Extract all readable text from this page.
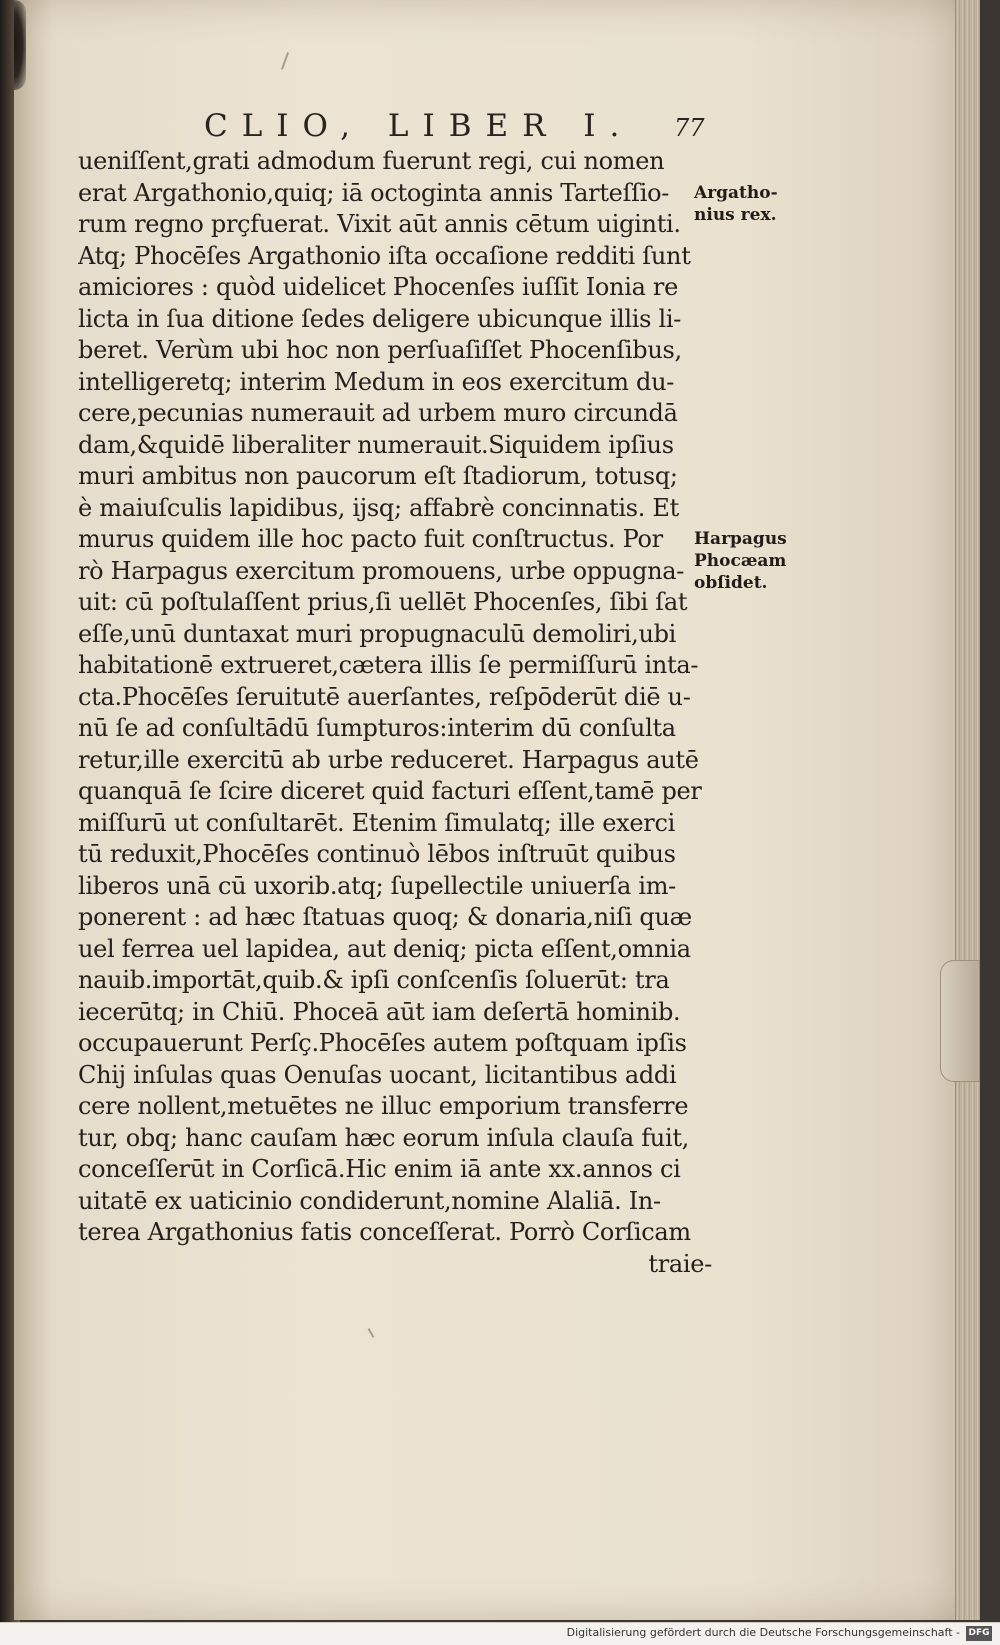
CLIO, LIBER I. 77
ueniſſent,grati admodum fuerunt regi, cui nomen
erat Argathonio,quiq; iā octoginta annis Tarteſſio-
rum regno prçfuerat. Vixit aūt annis cētum uiginti.
Atq; Phocēſes Argathonio iſta occaſione redditi ſunt
amiciores : quòd uidelicet Phocenſes iuſſit Ionia re
licta in ſua ditione ſedes deligere ubicunque illis li-
beret. Verùm ubi hoc non perſuaſiſſet Phocenſibus,
intelligeretq; interim Medum in eos exercitum du-
cere,pecunias numerauit ad urbem muro circundā
dam,&quidē liberaliter numerauit.Siquidem ipſius
muri ambitus non paucorum eſt ſtadiorum, totusq;
è maiuſculis lapidibus, ijsq; affabrè concinnatis. Et
murus quidem ille hoc pacto fuit conſtructus. Por
rò Harpagus exercitum promouens, urbe oppugna-
uit: cū poſtulaſſent prius,ſi uellēt Phocenſes, ſibi ſat
eſſe,unū duntaxat muri propugnaculū demoliri,ubi
habitationē extrueret,cætera illis ſe permiſſurū inta-
cta.Phocēſes ſeruitutē auerſantes, reſpōderūt diē u-
nū ſe ad conſultādū ſumpturos:interim dū conſulta
retur,ille exercitū ab urbe reduceret. Harpagus autē
quanquā ſe ſcire diceret quid facturi eſſent,tamē per
miſſurū ut conſultarēt. Etenim ſimulatq; ille exerci
tū reduxit,Phocēſes continuò lēbos inſtruūt quibus
liberos unā cū uxorib.atq; ſupellectile uniuerſa im-
ponerent : ad hæc ſtatuas quoq; & donaria,niſi quæ
uel ferrea uel lapidea, aut deniq; picta eſſent,omnia
nauib.importāt,quib.& ipſi conſcenſis ſoluerūt: tra
iecerūtq; in Chiū. Phoceā aūt iam deſertā hominib.
occupauerunt Perſç.Phocēſes autem poſtquam ipſis
Chij inſulas quas Oenuſas uocant, licitantibus addi
cere nollent,metuētes ne illuc emporium transferre
tur, obq; hanc cauſam hæc eorum inſula clauſa fuit,
conceſſerūt in Corſicā.Hic enim iā ante xx.annos ci
uitatē ex uaticinio condiderunt,nomine Alaliā. In-
terea Argathonius fatis conceſſerat. Porrò Corſicam
traie-
Argatho-
nius rex.
Harpagus
Phocæam
obſidet.
Digitalisierung gefördert durch die Deutsche Forschungsgemeinschaft - DFG
